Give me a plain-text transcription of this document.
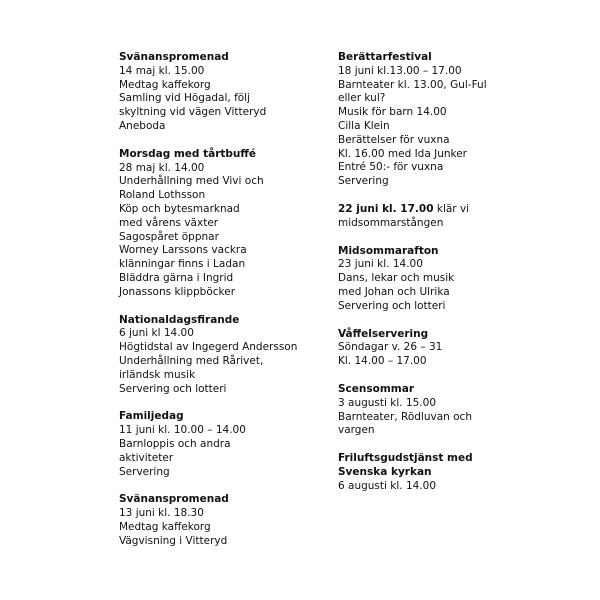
Svänanspromenad
14 maj kl. 15.00
Medtag kaffekorg
Samling vid Högadal, följ
skyltning vid vägen Vitteryd
Aneboda
Morsdag med tårtbuffé
28 maj kl. 14.00
Underhållning med Vivi och
Roland Lothsson
Köp och bytesmarknad
med vårens växter
Sagospåret öppnar
Worney Larssons vackra
klänningar finns i Ladan
Bläddra gärna i Ingrid
Jonassons klippböcker
Nationaldagsfirande
6 juni kl 14.00
Högtidstal av Ingegerd Andersson
Underhållning med Rårivet,
irländsk musik
Servering och lotteri
Familjedag
11 juni kl. 10.00 – 14.00
Barnloppis och andra
aktiviteter
Servering
Svänanspromenad
13 juni kl. 18.30
Medtag kaffekorg
Vägvisning i Vitteryd
Berättarfestival
18 juni kl.13.00 – 17.00
Barnteater kl. 13.00, Gul-Ful
eller kul?
Musik för barn 14.00
Cilla Klein
Berättelser för vuxna
Kl. 16.00 med Ida Junker
Entré 50:- för vuxna
Servering
22 juni kl. 17.00 klär vi
midsommarstången
Midsommarafton
23 juni kl. 14.00
Dans, lekar och musik
med Johan och Ulrika
Servering och lotteri
Våffelservering
Söndagar v. 26 – 31
Kl. 14.00 – 17.00
Scensommar
3 augusti kl. 15.00
Barnteater, Rödluvan och
vargen
Friluftsgudstjänst med
Svenska kyrkan
6 augusti kl. 14.00
